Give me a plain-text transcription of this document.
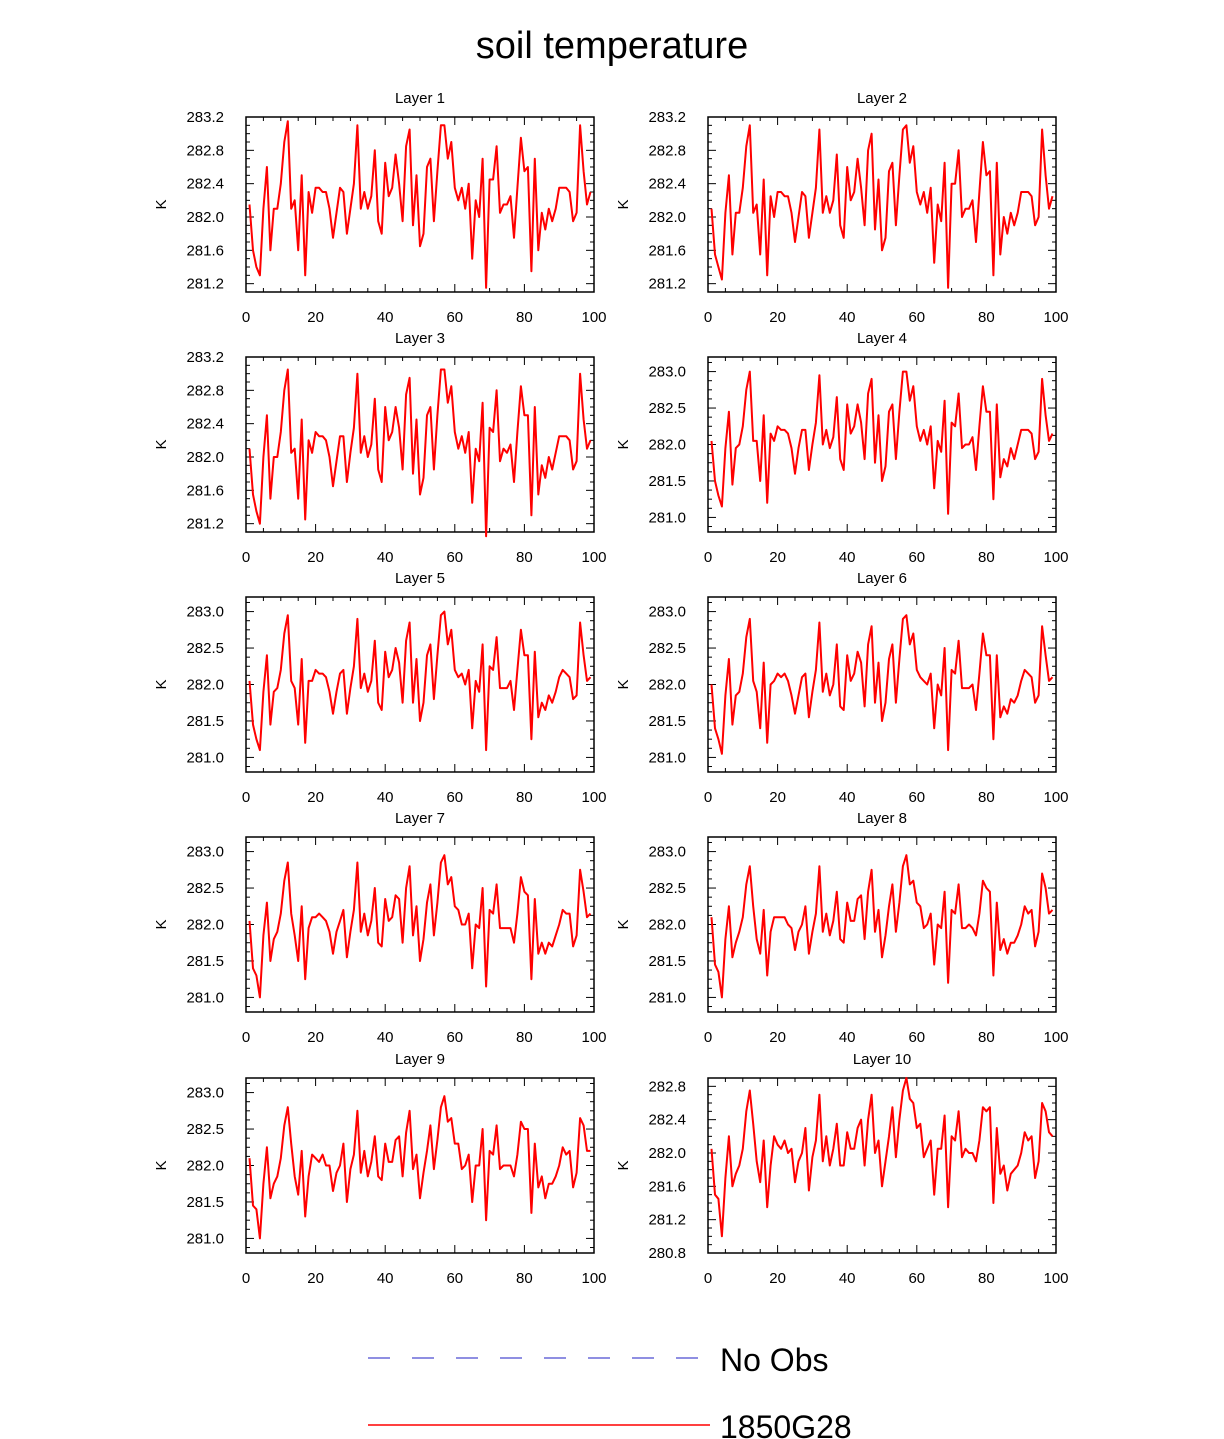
soil temperature
Layer 1
K
0	20	40	60	80	100
281.2
281.6
282.0
282.4
282.8
283.2
Layer 2
K
0	20	40	60	80	100
281.2
281.6
282.0
282.4
282.8
283.2
Layer 3
K
0	20	40	60	80	100
281.2
281.6
282.0
282.4
282.8
283.2
Layer 4
K
0	20	40	60	80	100
281.0
281.5
282.0
282.5
283.0
Layer 5
K
0	20	40	60	80	100
281.0
281.5
282.0
282.5
283.0
Layer 6
K
0	20	40	60	80	100
281.0
281.5
282.0
282.5
283.0
Layer 7
K
0	20	40	60	80	100
281.0
281.5
282.0
282.5
283.0
Layer 8
K
0	20	40	60	80	100
281.0
281.5
282.0
282.5
283.0
Layer 9
K
0	20	40	60	80	100
281.0
281.5
282.0
282.5
283.0
Layer 10
K
0	20	40	60	80	100
280.8
281.2
281.6
282.0
282.4
282.8
No Obs
1850G28
